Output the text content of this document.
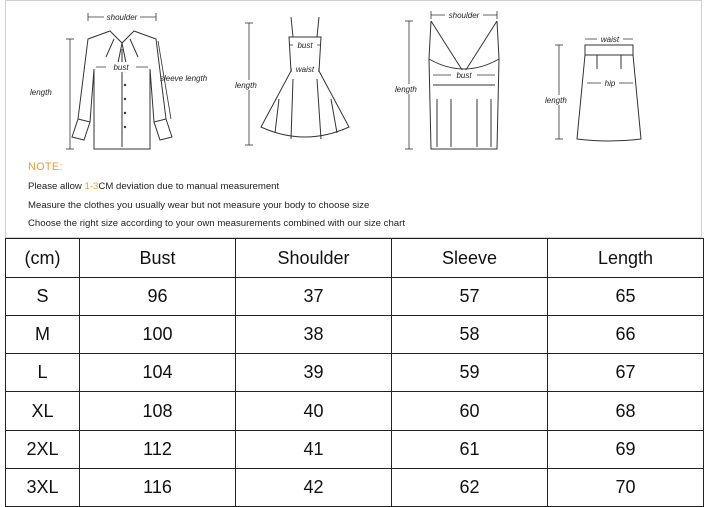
shoulder
bust
length
sleeve length
bust
waist
length
shoulder
bust
length
waist
hip
length
NOTE:
Please allow 1-3CM deviation due to manual measurement
Measure the clothes you usually wear but not measure your body to choose size
Choose the right size according to your own measurements combined with our size chart
(cm)	Bust	Shoulder	Sleeve	Length
S	96	37	57	65
M	100	38	58	66
L	104	39	59	67
XL	108	40	60	68
2XL	112	41	61	69
3XL	116	42	62	70
